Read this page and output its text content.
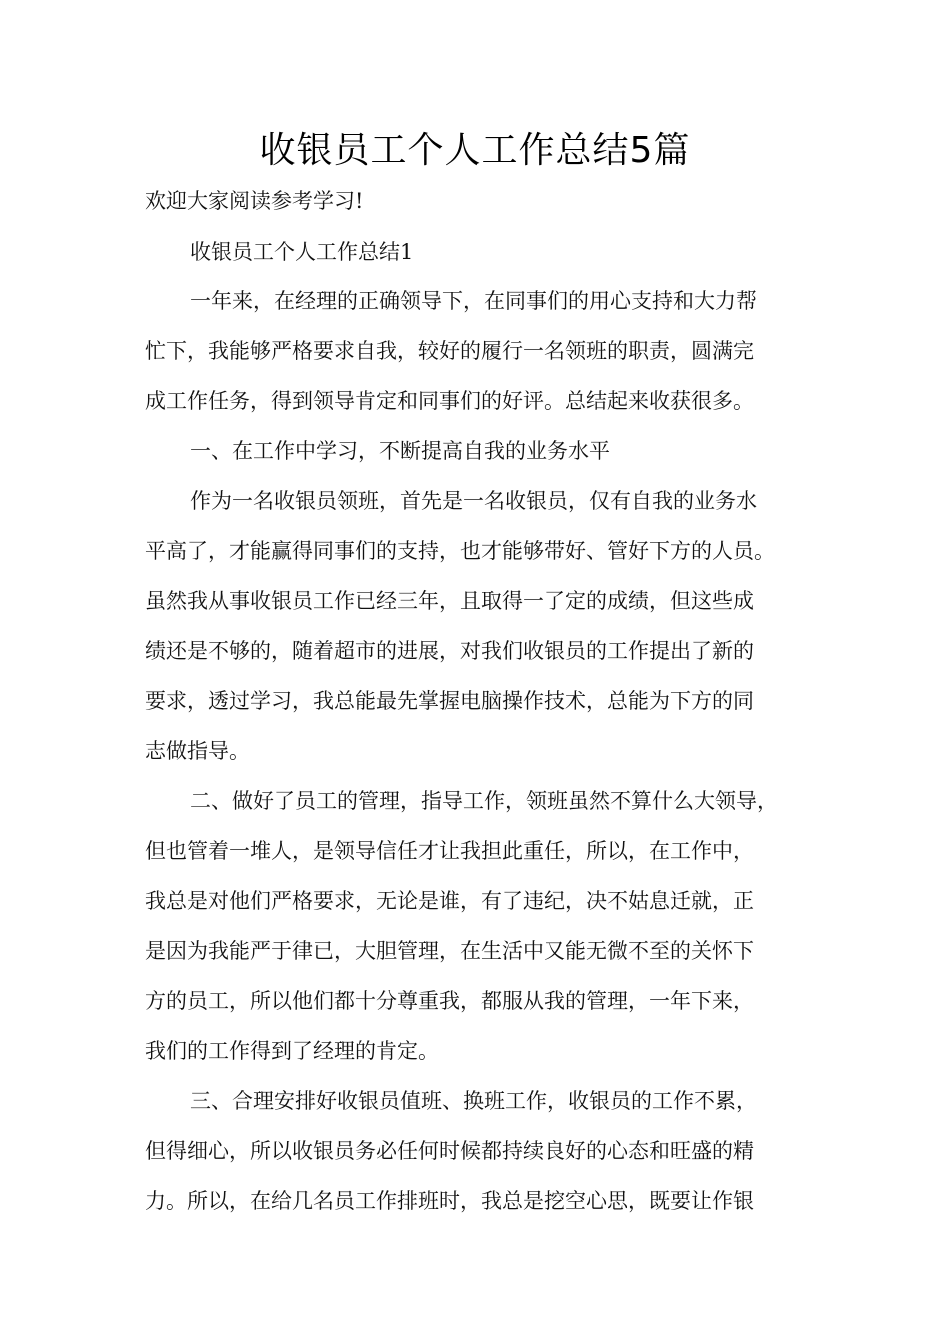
收银员工个人工作总结5篇
欢迎大家阅读参考学习!
收银员工个人工作总结1
一年来，在经理的正确领导下，在同事们的用心支持和大力帮
忙下，我能够严格要求自我，较好的履行一名领班的职责，圆满完
成工作任务，得到领导肯定和同事们的好评。总结起来收获很多。
一、在工作中学习，不断提高自我的业务水平
作为一名收银员领班，首先是一名收银员，仅有自我的业务水
平高了，才能赢得同事们的支持，也才能够带好、管好下方的人员。
虽然我从事收银员工作已经三年，且取得一了定的成绩，但这些成
绩还是不够的，随着超市的进展，对我们收银员的工作提出了新的
要求，透过学习，我总能最先掌握电脑操作技术，总能为下方的同
志做指导。
二、做好了员工的管理，指导工作，领班虽然不算什么大领导，
但也管着一堆人，是领导信任才让我担此重任，所以，在工作中，
我总是对他们严格要求，无论是谁，有了违纪，决不姑息迁就，正
是因为我能严于律已，大胆管理，在生活中又能无微不至的关怀下
方的员工，所以他们都十分尊重我，都服从我的管理，一年下来，
我们的工作得到了经理的肯定。
三、合理安排好收银员值班、换班工作，收银员的工作不累，
但得细心，所以收银员务必任何时候都持续良好的心态和旺盛的精
力。所以，在给几名员工作排班时，我总是挖空心思，既要让作银
